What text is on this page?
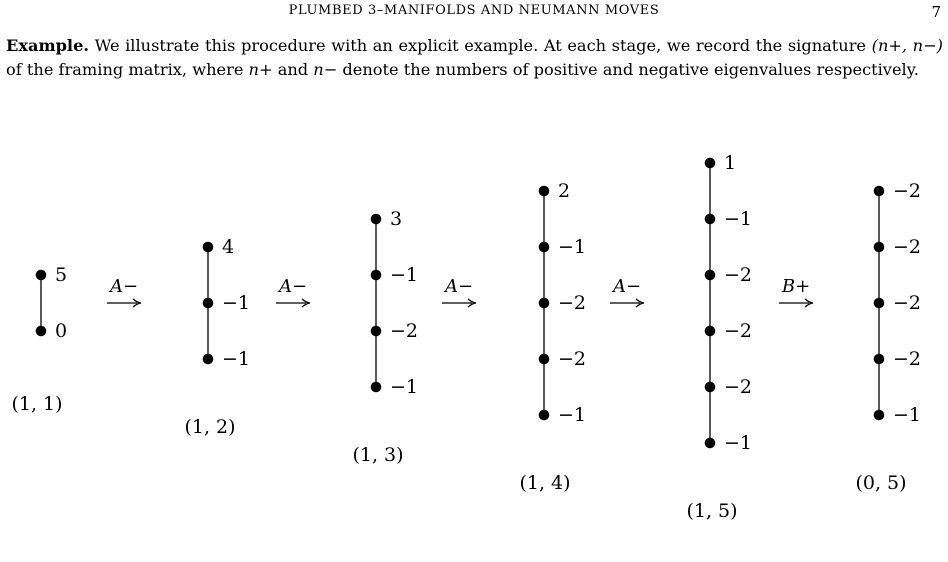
PLUMBED 3–MANIFOLDS AND NEUMANN MOVES	7
Example. We illustrate this procedure with an explicit example. At each stage, we record the signature (n+, n−) of the framing matrix, where n+ and n− denote the numbers of positive and negative eigenvalues respectively.
5
0
(1, 1)
4
−1
−1
(1, 2)
3
−1
−2
−1
(1, 3)
2
−1
−2
−2
−1
(1, 4)
1
−1
−2
−2
−2
−1
(1, 5)
−2
−2
−2
−2
−1
(0, 5)
A−	A−	A−	A−	B+
